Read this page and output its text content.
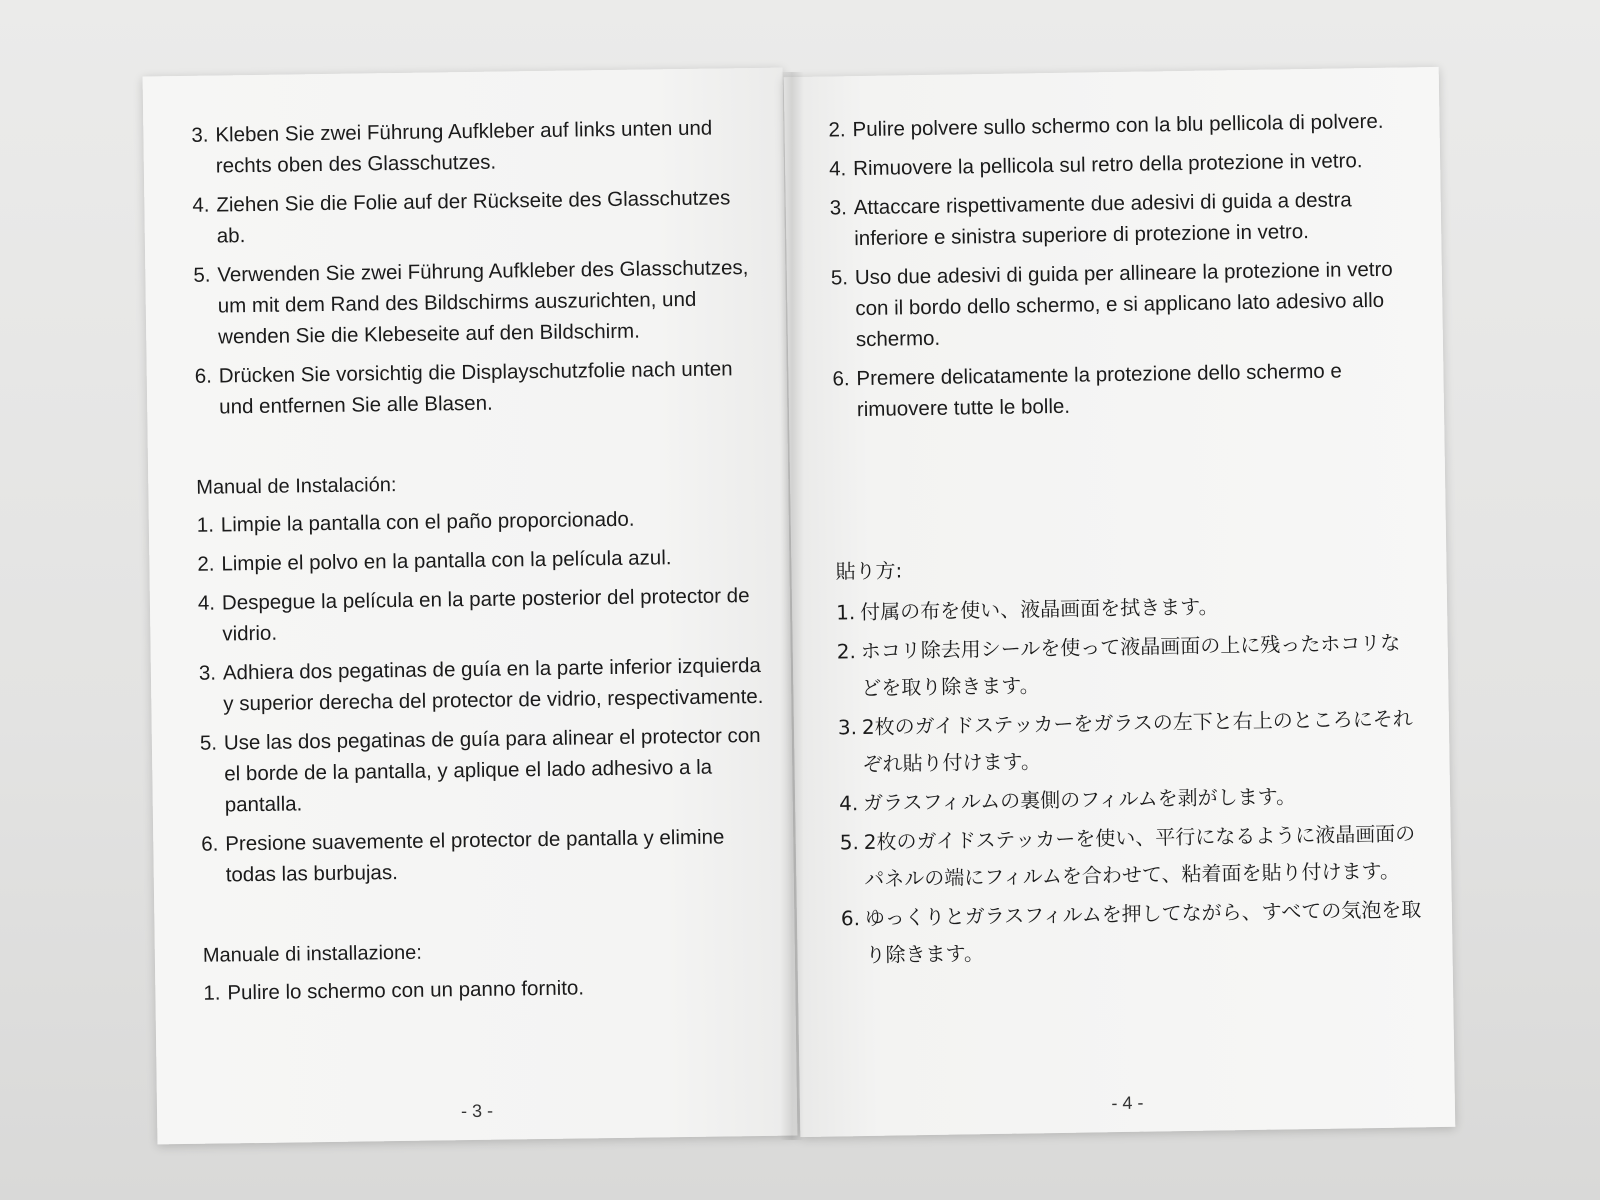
3. Kleben Sie zwei Führung Aufkleber auf links unten und rechts oben des Glasschutzes.
4. Ziehen Sie die Folie auf der Rückseite des Glasschutzes ab.
5. Verwenden Sie zwei Führung Aufkleber des Glasschutzes, um mit dem Rand des Bildschirms auszurichten, und wenden Sie die Klebeseite auf den Bildschirm.
6. Drücken Sie vorsichtig die Displayschutzfolie nach unten und entfernen Sie alle Blasen.
Manual de Instalación:
1. Limpie la pantalla con el paño proporcionado.
2. Limpie el polvo en la pantalla con la película azul.
4. Despegue la película en la parte posterior del protector de vidrio.
3. Adhiera dos pegatinas de guía en la parte inferior izquierda y superior derecha del protector de vidrio, respectivamente.
5. Use las dos pegatinas de guía para alinear el protector con el borde de la pantalla, y aplique el lado adhesivo a la pantalla.
6. Presione suavemente el protector de pantalla y elimine todas las burbujas.
Manuale di installazione:
1. Pulire lo schermo con un panno fornito.
- 3 -
2. Pulire polvere sullo schermo con la blu pellicola di polvere.
4. Rimuovere la pellicola sul retro della protezione in vetro.
3. Attaccare rispettivamente due adesivi di guida a destra inferiore e sinistra superiore di protezione in vetro.
5. Uso due adesivi di guida per allineare la protezione in vetro con il bordo dello schermo, e si applicano lato adesivo allo schermo.
6. Premere delicatamente la protezione dello schermo e rimuovere tutte le bolle.
貼り方:
1. 付属の布を使い、液晶画面を拭きます。
2. ホコリ除去用シールを使って液晶画面の上に残ったホコリなどを取り除きます。
3. 2枚のガイドステッカーをガラスの左下と右上のところにそれぞれ貼り付けます。
4. ガラスフィルムの裏側のフィルムを剥がします。
5. 2枚のガイドステッカーを使い、平行になるように液晶画面のパネルの端にフィルムを合わせて、粘着面を貼り付けます。
6. ゆっくりとガラスフィルムを押してながら、すべての気泡を取り除きます。
- 4 -
